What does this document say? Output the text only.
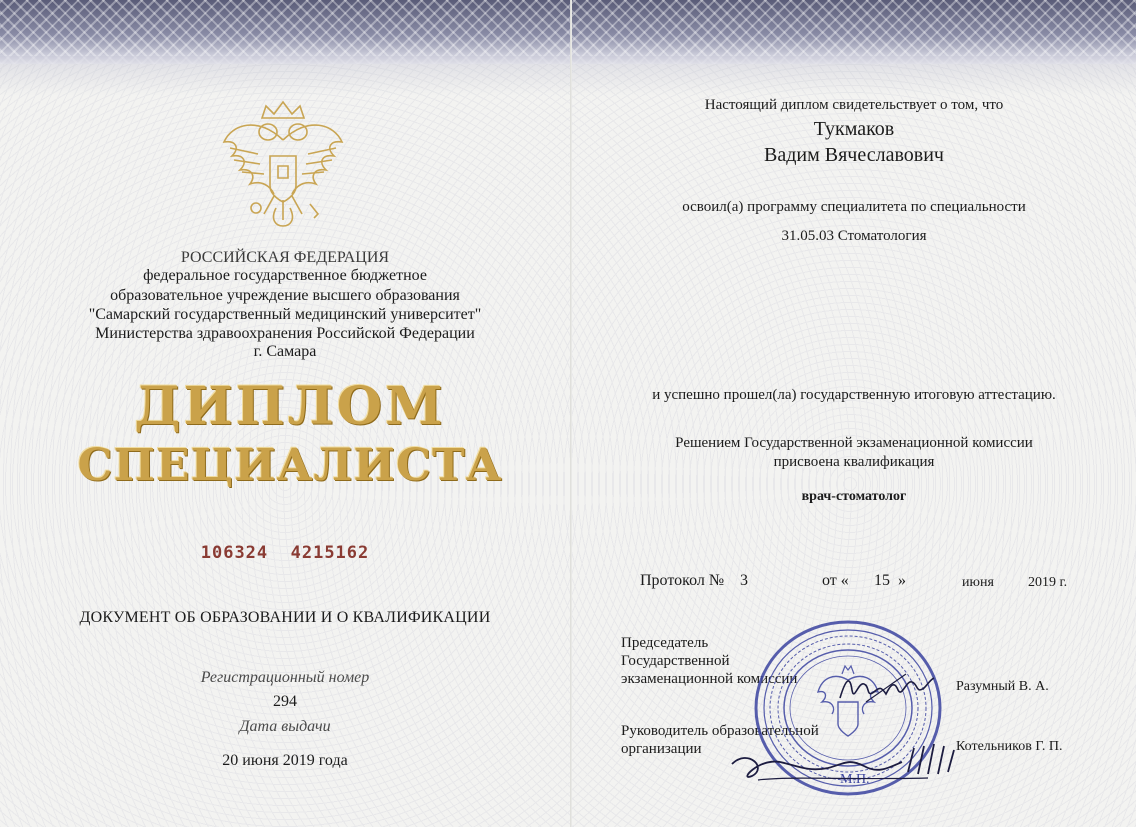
РОССИЙСКАЯ ФЕДЕРАЦИЯ
федеральное государственное бюджетное
образовательное учреждение высшего образования
"Самарский государственный медицинский университет"
Министерства здравоохранения Российской Федерации
г. Самара
ДИПЛОМ
СПЕЦИАЛИСТА
106324  4215162
ДОКУМЕНТ ОБ ОБРАЗОВАНИИ И О КВАЛИФИКАЦИИ
Регистрационный номер
294
Дата выдачи
20 июня 2019 года
Настоящий диплом свидетельствует о том, что
Тукмаков
Вадим Вячеславович
освоил(а) программу специалитета по специальности
31.05.03 Стоматология
и успешно прошел(ла) государственную итоговую аттестацию.
Решением Государственной экзаменационной комиссии
присвоена квалификация
врач-стоматолог
Протокол № 3	от « 15 »	июня 2019 г.
Председатель
Государственной
экзаменационной комиссии	Разумный В. А.
Руководитель образовательной
организации	Котельников Г. П.
М.П.
